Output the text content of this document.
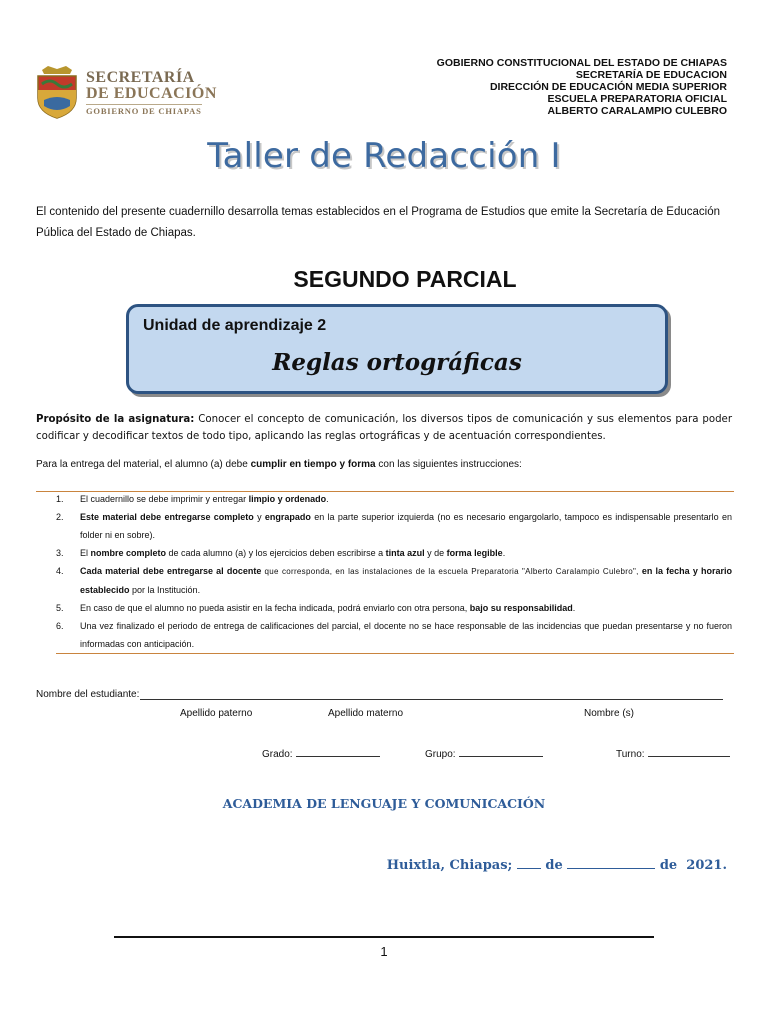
SECRETARÍA
DE EDUCACIÓN
GOBIERNO DE CHIAPAS
GOBIERNO CONSTITUCIONAL DEL ESTADO DE CHIAPAS
SECRETARÍA DE EDUCACION
DIRECCIÓN DE EDUCACIÓN MEDIA SUPERIOR
ESCUELA PREPARATORIA OFICIAL
ALBERTO CARALAMPIO CULEBRO
Taller de Redacción I
El contenido del presente cuadernillo desarrolla temas establecidos en el Programa de Estudios que emite la Secretaría de Educación Pública del Estado de Chiapas.
SEGUNDO PARCIAL
Unidad de aprendizaje 2
Reglas ortográficas
Propósito de la asignatura: Conocer el concepto de comunicación, los diversos tipos de comunicación y sus elementos para poder codificar y decodificar textos de todo tipo, aplicando las reglas ortográficas y de acentuación correspondientes.
Para la entrega del material, el alumno (a) debe cumplir en tiempo y forma con las siguientes instrucciones:
1. El cuadernillo se debe imprimir y entregar limpio y ordenado.
2. Este material debe entregarse completo y engrapado en la parte superior izquierda (no es necesario engargolarlo, tampoco es indispensable presentarlo en folder ni en sobre).
3. El nombre completo de cada alumno (a) y los ejercicios deben escribirse a tinta azul y de forma legible.
4. Cada material debe entregarse al docente que corresponda, en las instalaciones de la escuela Preparatoria "Alberto Caralampio Culebro", en la fecha y horario establecido por la Institución.
5. En caso de que el alumno no pueda asistir en la fecha indicada, podrá enviarlo con otra persona, bajo su responsabilidad.
6. Una vez finalizado el periodo de entrega de calificaciones del parcial, el docente no se hace responsable de las incidencias que puedan presentarse y no fueron informadas con anticipación.
Nombre del estudiante:
Apellido paterno	Apellido materno	Nombre (s)
Grado:	Grupo:	Turno:
ACADEMIA DE LENGUAJE Y COMUNICACIÓN
Huixtla, Chiapas;	de	de 2021.
1
